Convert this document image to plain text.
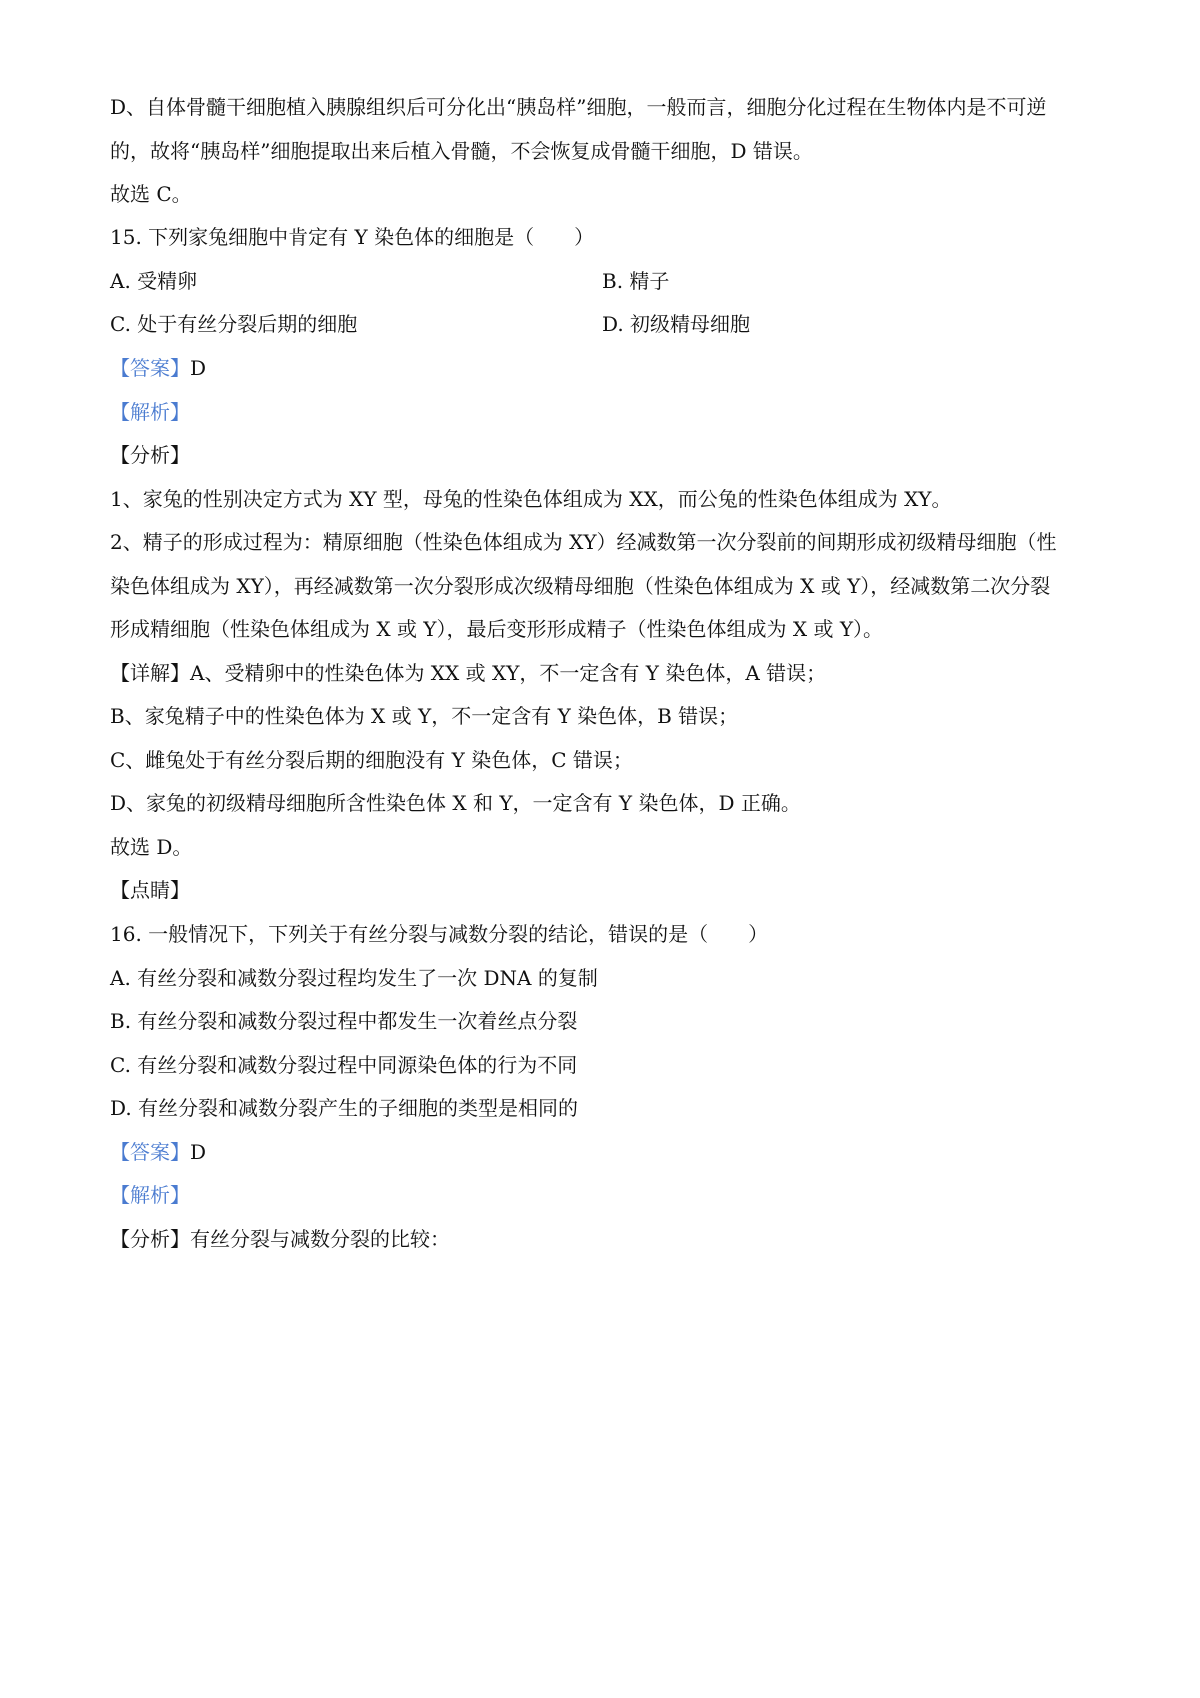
D、自体骨髓干细胞植入胰腺组织后可分化出“胰岛样”细胞，一般而言，细胞分化过程在生物体内是不可逆
的，故将“胰岛样”细胞提取出来后植入骨髓，不会恢复成骨髓干细胞，D 错误。
故选 C。
15. 下列家兔细胞中肯定有 Y 染色体的细胞是（　　）
A. 受精卵	B. 精子
C. 处于有丝分裂后期的细胞	D. 初级精母细胞
【答案】D
【解析】
【分析】
1、家兔的性别决定方式为 XY 型，母兔的性染色体组成为 XX，而公兔的性染色体组成为 XY。
2、精子的形成过程为：精原细胞（性染色体组成为 XY）经减数第一次分裂前的间期形成初级精母细胞（性
染色体组成为 XY），再经减数第一次分裂形成次级精母细胞（性染色体组成为 X 或 Y），经减数第二次分裂
形成精细胞（性染色体组成为 X 或 Y），最后变形形成精子（性染色体组成为 X 或 Y）。
【详解】A、受精卵中的性染色体为 XX 或 XY，不一定含有 Y 染色体，A 错误；
B、家兔精子中的性染色体为 X 或 Y，不一定含有 Y 染色体，B 错误；
C、雌兔处于有丝分裂后期的细胞没有 Y 染色体，C 错误；
D、家兔的初级精母细胞所含性染色体 X 和 Y，一定含有 Y 染色体，D 正确。
故选 D。
【点睛】
16. 一般情况下，下列关于有丝分裂与减数分裂的结论，错误的是（　　）
A. 有丝分裂和减数分裂过程均发生了一次 DNA 的复制
B. 有丝分裂和减数分裂过程中都发生一次着丝点分裂
C. 有丝分裂和减数分裂过程中同源染色体的行为不同
D. 有丝分裂和减数分裂产生的子细胞的类型是相同的
【答案】D
【解析】
【分析】有丝分裂与减数分裂的比较：
